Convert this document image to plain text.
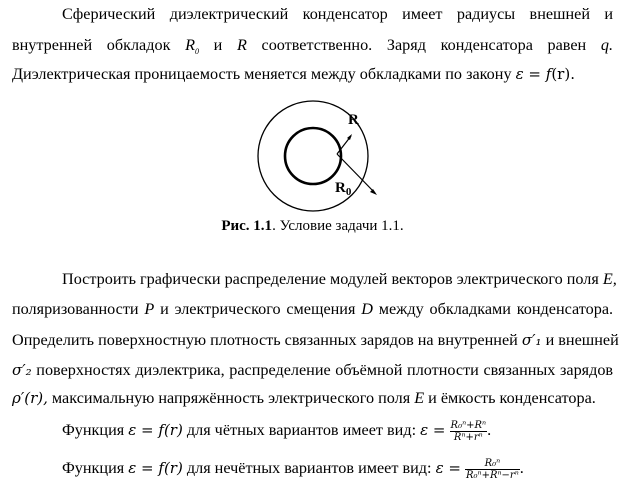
Сферический диэлектрический конденсатор имеет радиусы внешней и
внутренней обкладок $R_0$ и R соответственно. Заряд конденсатора равен q.
Диэлектрическая проницаемость меняется между обкладками по закону ε = f(r).
R
$R_0$
Рис. 1.1. Условие задачи 1.1.
Построить графически распределение модулей векторов электрического поля E,
поляризованности P и электрического смещения D между обкладками конденсатора.
Определить поверхностную плотность связанных зарядов на внутренней σ′₁ и внешней
σ′₂ поверхностях диэлектрика, распределение объёмной плотности связанных зарядов
ρ′(r), максимальную напряжённость электрического поля E и ёмкость конденсатора.
Функция ε = f(r) для чётных вариантов имеет вид: $\varepsilon = \frac{\text{R₀ⁿ+Rⁿ}}{\text{Rⁿ+rⁿ}}$ .
Функция ε = f(r) для нечётных вариантов имеет вид: $\varepsilon = \frac{\text{R₀ⁿ}}{\text{R₀ⁿ+Rⁿ−rⁿ}}$ .
